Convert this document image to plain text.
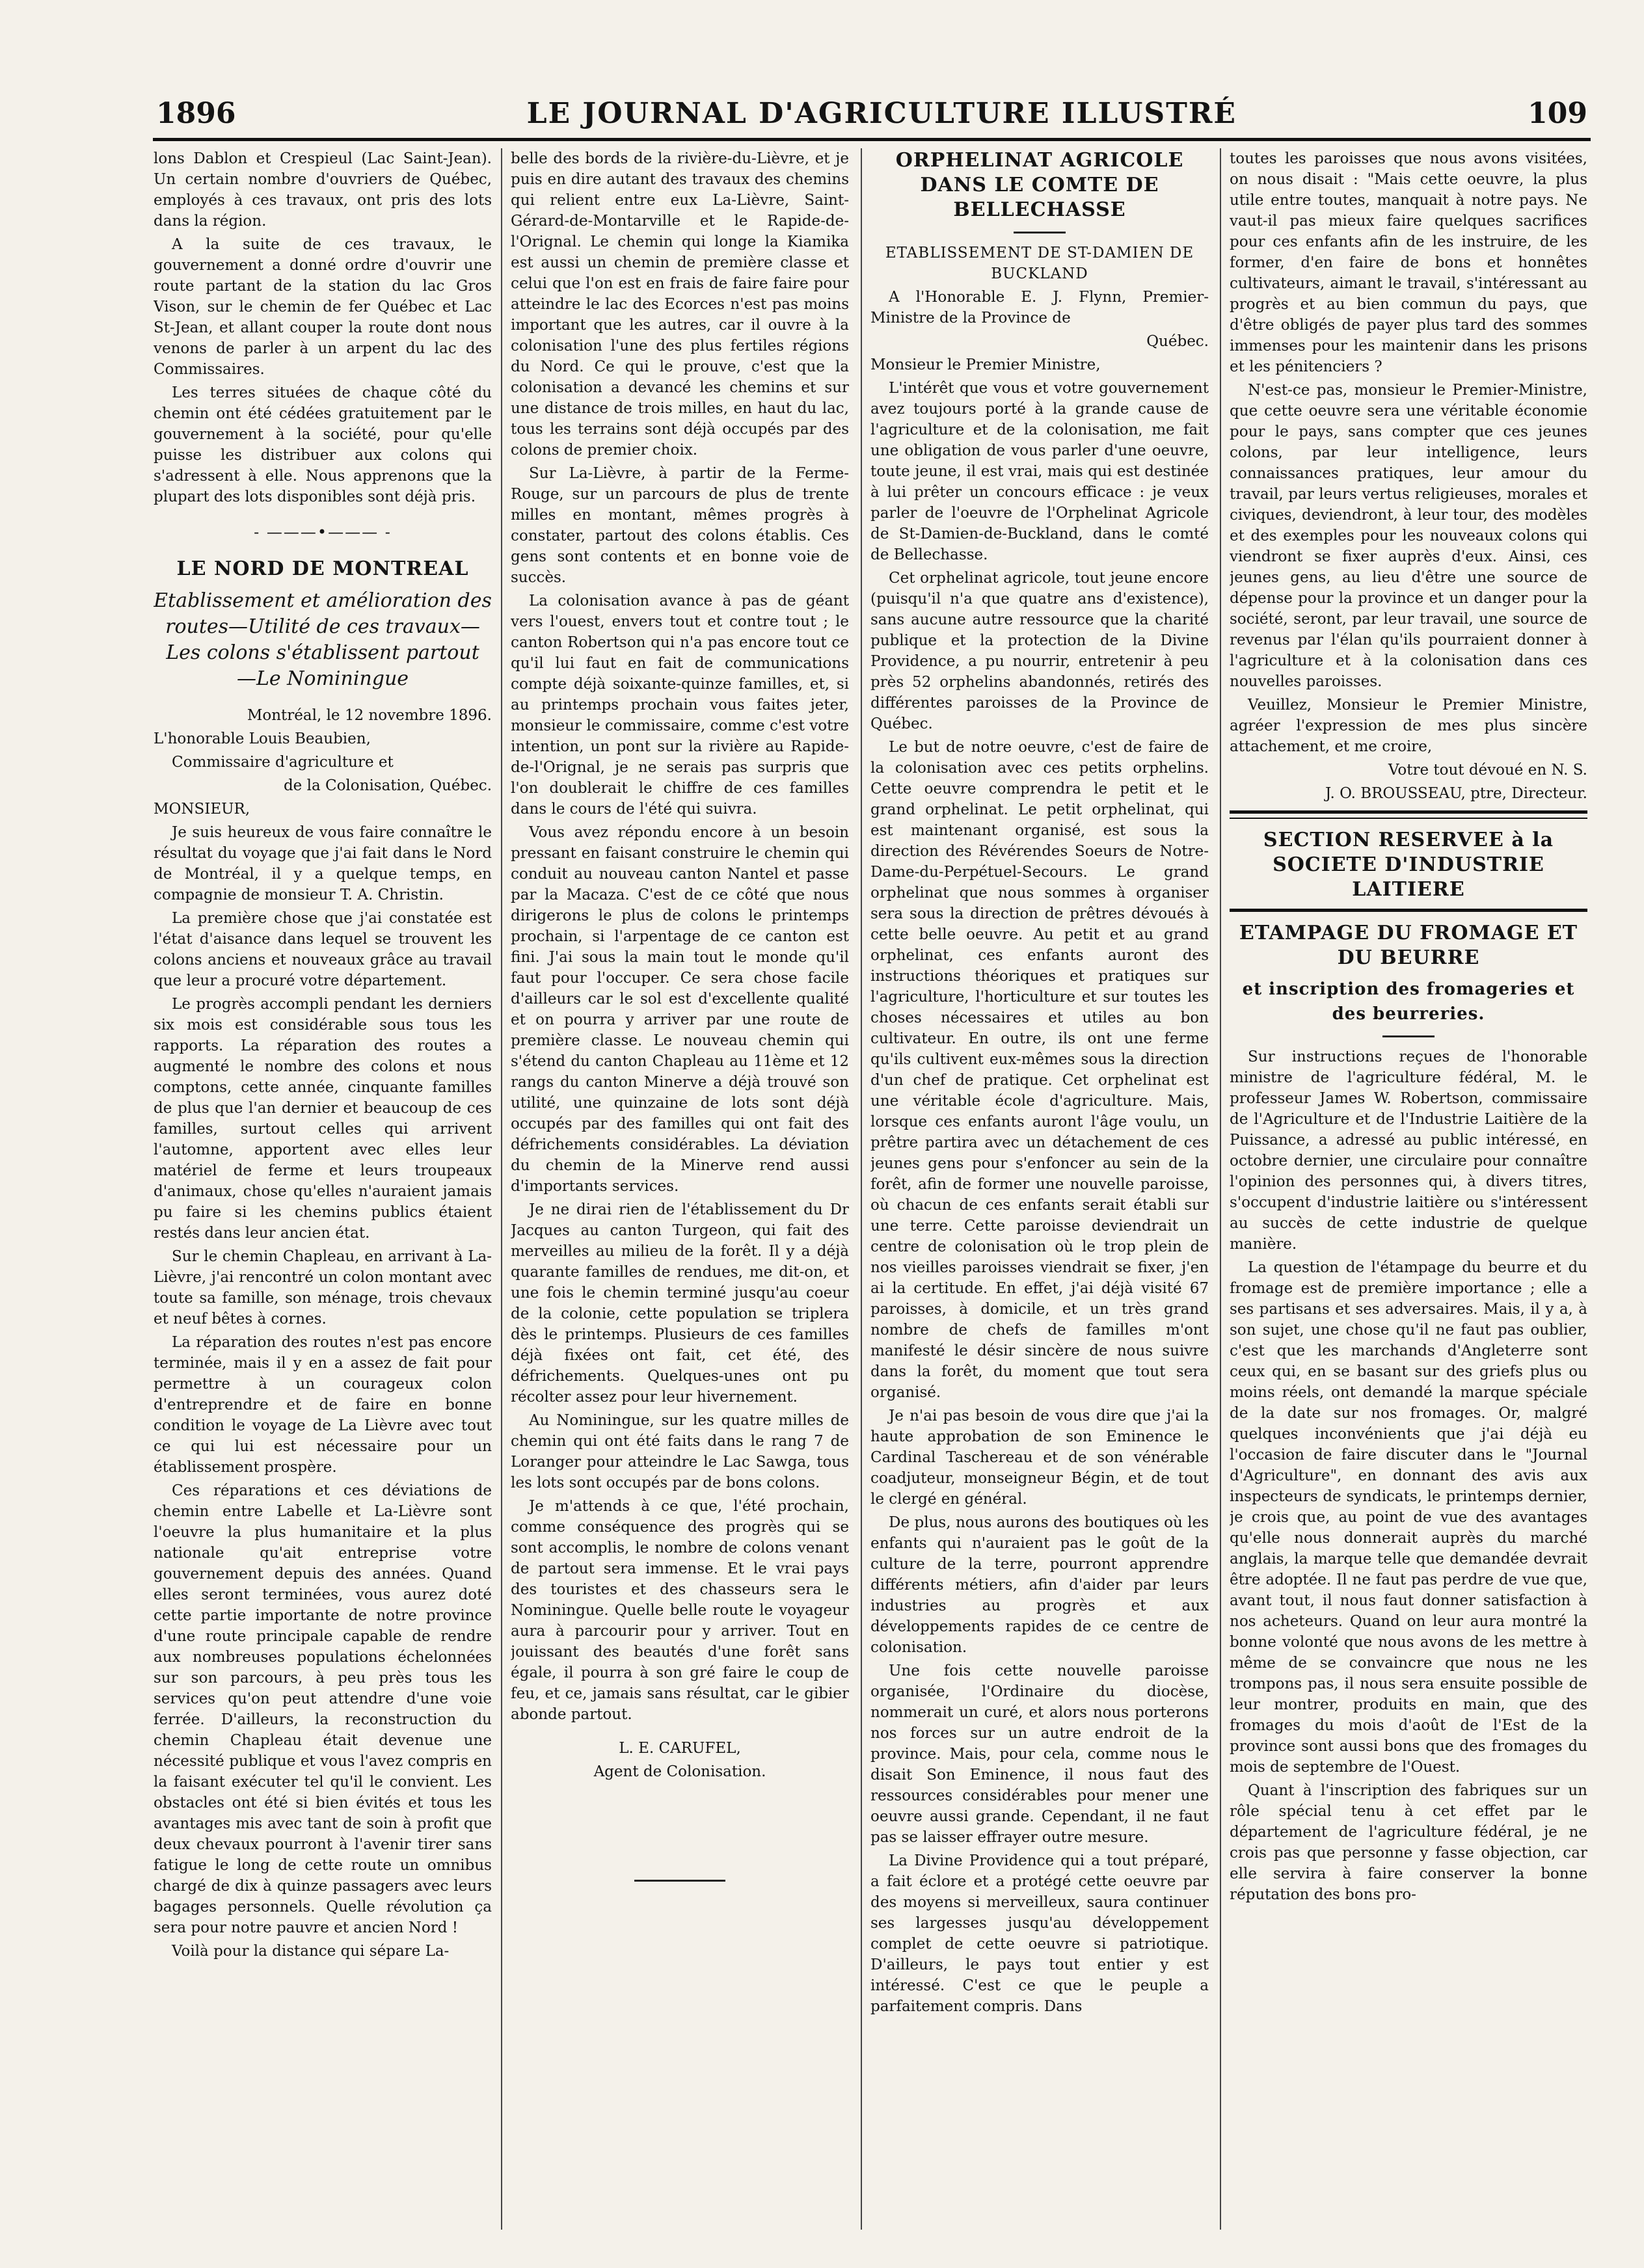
1896	LE JOURNAL D'AGRICULTURE ILLUSTRÉ	109

lons Dablon et Crespieul (Lac Saint-Jean). Un certain nombre d'ouvriers de Québec, employés à ces travaux, ont pris des lots dans la région.

A la suite de ces travaux, le gouvernement a donné ordre d'ouvrir une route partant de la station du lac Gros Vison, sur le chemin de fer Québec et Lac St-Jean, et allant couper la route dont nous venons de parler à un arpent du lac des Commissaires.

Les terres situées de chaque côté du chemin ont été cédées gratuitement par le gouvernement à la société, pour qu'elle puisse les distribuer aux colons qui s'adressent à elle. Nous apprenons que la plupart des lots disponibles sont déjà pris.

- ———•——— -
LE NORD DE MONTREAL
Etablissement et amélioration des routes—Utilité de ces travaux—
Les colons s'établissent partout
—Le Nominingue

Montréal, le 12 novembre 1896.

L'honorable Louis Beaubien,

Commissaire d'agriculture et

de la Colonisation, Québec.

MONSIEUR,

Je suis heureux de vous faire connaître le résultat du voyage que j'ai fait dans le Nord de Montréal, il y a quelque temps, en compagnie de monsieur T. A. Christin.

La première chose que j'ai constatée est l'état d'aisance dans lequel se trouvent les colons anciens et nouveaux grâce au travail que leur a procuré votre département.

Le progrès accompli pendant les derniers six mois est considérable sous tous les rapports. La réparation des routes a augmenté le nombre des colons et nous comptons, cette année, cinquante familles de plus que l'an dernier et beaucoup de ces familles, surtout celles qui arrivent l'automne, apportent avec elles leur matériel de ferme et leurs troupeaux d'animaux, chose qu'elles n'auraient jamais pu faire si les chemins publics étaient restés dans leur ancien état.

Sur le chemin Chapleau, en arrivant à La-Lièvre, j'ai rencontré un colon montant avec toute sa famille, son ménage, trois chevaux et neuf bêtes à cornes.

La réparation des routes n'est pas encore terminée, mais il y en a assez de fait pour permettre à un courageux colon d'entreprendre et de faire en bonne condition le voyage de La Lièvre avec tout ce qui lui est nécessaire pour un établissement prospère.

Ces réparations et ces déviations de chemin entre Labelle et La-Lièvre sont l'oeuvre la plus humanitaire et la plus nationale qu'ait entreprise votre gouvernement depuis des années. Quand elles seront terminées, vous aurez doté cette partie importante de notre province d'une route principale capable de rendre aux nombreuses populations échelonnées sur son parcours, à peu près tous les services qu'on peut attendre d'une voie ferrée. D'ailleurs, la reconstruction du chemin Chapleau était devenue une nécessité publique et vous l'avez compris en la faisant exécuter tel qu'il le convient. Les obstacles ont été si bien évités et tous les avantages mis avec tant de soin à profit que deux chevaux pourront à l'avenir tirer sans fatigue le long de cette route un omnibus chargé de dix à quinze passagers avec leurs bagages personnels. Quelle révolution ça sera pour notre pauvre et ancien Nord !

Voilà pour la distance qui sépare La-

belle des bords de la rivière-du-Lièvre, et je puis en dire autant des travaux des chemins qui relient entre eux La-Lièvre, Saint-Gérard-de-Montarville et le Rapide-de-l'Orignal. Le chemin qui longe la Kiamika est aussi un chemin de première classe et celui que l'on est en frais de faire faire pour atteindre le lac des Ecorces n'est pas moins important que les autres, car il ouvre à la colonisation l'une des plus fertiles régions du Nord. Ce qui le prouve, c'est que la colonisation a devancé les chemins et sur une distance de trois milles, en haut du lac, tous les terrains sont déjà occupés par des colons de premier choix.

Sur La-Lièvre, à partir de la Ferme-Rouge, sur un parcours de plus de trente milles en montant, mêmes progrès à constater, partout des colons établis. Ces gens sont contents et en bonne voie de succès.

La colonisation avance à pas de géant vers l'ouest, envers tout et contre tout ; le canton Robertson qui n'a pas encore tout ce qu'il lui faut en fait de communications compte déjà soixante-quinze familles, et, si au printemps prochain vous faites jeter, monsieur le commissaire, comme c'est votre intention, un pont sur la rivière au Rapide-de-l'Orignal, je ne serais pas surpris que l'on doublerait le chiffre de ces familles dans le cours de l'été qui suivra.

Vous avez répondu encore à un besoin pressant en faisant construire le chemin qui conduit au nouveau canton Nantel et passe par la Macaza. C'est de ce côté que nous dirigerons le plus de colons le printemps prochain, si l'arpentage de ce canton est fini. J'ai sous la main tout le monde qu'il faut pour l'occuper. Ce sera chose facile d'ailleurs car le sol est d'excellente qualité et on pourra y arriver par une route de première classe. Le nouveau chemin qui s'étend du canton Chapleau au 11ème et 12 rangs du canton Minerve a déjà trouvé son utilité, une quinzaine de lots sont déjà occupés par des familles qui ont fait des défrichements considérables. La déviation du chemin de la Minerve rend aussi d'importants services.

Je ne dirai rien de l'établissement du Dr Jacques au canton Turgeon, qui fait des merveilles au milieu de la forêt. Il y a déjà quarante familles de rendues, me dit-on, et une fois le chemin terminé jusqu'au coeur de la colonie, cette population se triplera dès le printemps. Plusieurs de ces familles déjà fixées ont fait, cet été, des défrichements. Quelques-unes ont pu récolter assez pour leur hivernement.

Au Nominingue, sur les quatre milles de chemin qui ont été faits dans le rang 7 de Loranger pour atteindre le Lac Sawga, tous les lots sont occupés par de bons colons.

Je m'attends à ce que, l'été prochain, comme conséquence des progrès qui se sont accomplis, le nombre de colons venant de partout sera immense. Et le vrai pays des touristes et des chasseurs sera le Nominingue. Quelle belle route le voyageur aura à parcourir pour y arriver. Tout en jouissant des beautés d'une forêt sans égale, il pourra à son gré faire le coup de feu, et ce, jamais sans résultat, car le gibier abonde partout.

L. E. CARUFEL,

Agent de Colonisation.

ORPHELINAT AGRICOLE DANS LE COMTE DE BELLECHASSE

ETABLISSEMENT DE ST-DAMIEN DE BUCKLAND

A l'Honorable E. J. Flynn, Premier-Ministre de la Province de

Québec.

Monsieur le Premier Ministre,

L'intérêt que vous et votre gouvernement avez toujours porté à la grande cause de l'agriculture et de la colonisation, me fait une obligation de vous parler d'une oeuvre, toute jeune, il est vrai, mais qui est destinée à lui prêter un concours efficace : je veux parler de l'oeuvre de l'Orphelinat Agricole de St-Damien-de-Buckland, dans le comté de Bellechasse.

Cet orphelinat agricole, tout jeune encore (puisqu'il n'a que quatre ans d'existence), sans aucune autre ressource que la charité publique et la protection de la Divine Providence, a pu nourrir, entretenir à peu près 52 orphelins abandonnés, retirés des différentes paroisses de la Province de Québec.

Le but de notre oeuvre, c'est de faire de la colonisation avec ces petits orphelins. Cette oeuvre comprendra le petit et le grand orphelinat. Le petit orphelinat, qui est maintenant organisé, est sous la direction des Révérendes Soeurs de Notre-Dame-du-Perpétuel-Secours. Le grand orphelinat que nous sommes à organiser sera sous la direction de prêtres dévoués à cette belle oeuvre. Au petit et au grand orphelinat, ces enfants auront des instructions théoriques et pratiques sur l'agriculture, l'horticulture et sur toutes les choses nécessaires et utiles au bon cultivateur. En outre, ils ont une ferme qu'ils cultivent eux-mêmes sous la direction d'un chef de pratique. Cet orphelinat est une véritable école d'agriculture. Mais, lorsque ces enfants auront l'âge voulu, un prêtre partira avec un détachement de ces jeunes gens pour s'enfoncer au sein de la forêt, afin de former une nouvelle paroisse, où chacun de ces enfants serait établi sur une terre. Cette paroisse deviendrait un centre de colonisation où le trop plein de nos vieilles paroisses viendrait se fixer, j'en ai la certitude. En effet, j'ai déjà visité 67 paroisses, à domicile, et un très grand nombre de chefs de familles m'ont manifesté le désir sincère de nous suivre dans la forêt, du moment que tout sera organisé.

Je n'ai pas besoin de vous dire que j'ai la haute approbation de son Eminence le Cardinal Taschereau et de son vénérable coadjuteur, monseigneur Bégin, et de tout le clergé en général.

De plus, nous aurons des boutiques où les enfants qui n'auraient pas le goût de la culture de la terre, pourront apprendre différents métiers, afin d'aider par leurs industries au progrès et aux développements rapides de ce centre de colonisation.

Une fois cette nouvelle paroisse organisée, l'Ordinaire du diocèse, nommerait un curé, et alors nous porterons nos forces sur un autre endroit de la province. Mais, pour cela, comme nous le disait Son Eminence, il nous faut des ressources considérables pour mener une oeuvre aussi grande. Cependant, il ne faut pas se laisser effrayer outre mesure.

La Divine Providence qui a tout préparé, a fait éclore et a protégé cette oeuvre par des moyens si merveilleux, saura continuer ses largesses jusqu'au développement complet de cette oeuvre si patriotique. D'ailleurs, le pays tout entier y est intéressé. C'est ce que le peuple a parfaitement compris. Dans

toutes les paroisses que nous avons visitées, on nous disait : "Mais cette oeuvre, la plus utile entre toutes, manquait à notre pays. Ne vaut-il pas mieux faire quelques sacrifices pour ces enfants afin de les instruire, de les former, d'en faire de bons et honnêtes cultivateurs, aimant le travail, s'intéressant au progrès et au bien commun du pays, que d'être obligés de payer plus tard des sommes immenses pour les maintenir dans les prisons et les pénitenciers ?

N'est-ce pas, monsieur le Premier-Ministre, que cette oeuvre sera une véritable économie pour le pays, sans compter que ces jeunes colons, par leur intelligence, leurs connaissances pratiques, leur amour du travail, par leurs vertus religieuses, morales et civiques, deviendront, à leur tour, des modèles et des exemples pour les nouveaux colons qui viendront se fixer auprès d'eux. Ainsi, ces jeunes gens, au lieu d'être une source de dépense pour la province et un danger pour la société, seront, par leur travail, une source de revenus par l'élan qu'ils pourraient donner à l'agriculture et à la colonisation dans ces nouvelles paroisses.

Veuillez, Monsieur le Premier Ministre, agréer l'expression de mes plus sincère attachement, et me croire,

Votre tout dévoué en N. S.

J. O. BROUSSEAU, ptre, Directeur.

SECTION RESERVEE à la SOCIETE D'INDUSTRIE LAITIERE
ETAMPAGE DU FROMAGE ET DU BEURRE
et inscription des fromageries et des beurreries.

Sur instructions reçues de l'honorable ministre de l'agriculture fédéral, M. le professeur James W. Robertson, commissaire de l'Agriculture et de l'Industrie Laitière de la Puissance, a adressé au public intéressé, en octobre dernier, une circulaire pour connaître l'opinion des personnes qui, à divers titres, s'occupent d'industrie laitière ou s'intéressent au succès de cette industrie de quelque manière.

La question de l'étampage du beurre et du fromage est de première importance ; elle a ses partisans et ses adversaires. Mais, il y a, à son sujet, une chose qu'il ne faut pas oublier, c'est que les marchands d'Angleterre sont ceux qui, en se basant sur des griefs plus ou moins réels, ont demandé la marque spéciale de la date sur nos fromages. Or, malgré quelques inconvénients que j'ai déjà eu l'occasion de faire discuter dans le "Journal d'Agriculture", en donnant des avis aux inspecteurs de syndicats, le printemps dernier, je crois que, au point de vue des avantages qu'elle nous donnerait auprès du marché anglais, la marque telle que demandée devrait être adoptée. Il ne faut pas perdre de vue que, avant tout, il nous faut donner satisfaction à nos acheteurs. Quand on leur aura montré la bonne volonté que nous avons de les mettre à même de se convaincre que nous ne les trompons pas, il nous sera ensuite possible de leur montrer, produits en main, que des fromages du mois d'août de l'Est de la province sont aussi bons que des fromages du mois de septembre de l'Ouest.

Quant à l'inscription des fabriques sur un rôle spécial tenu à cet effet par le département de l'agriculture fédéral, je ne crois pas que personne y fasse objection, car elle servira à faire conserver la bonne réputation des bons pro-
